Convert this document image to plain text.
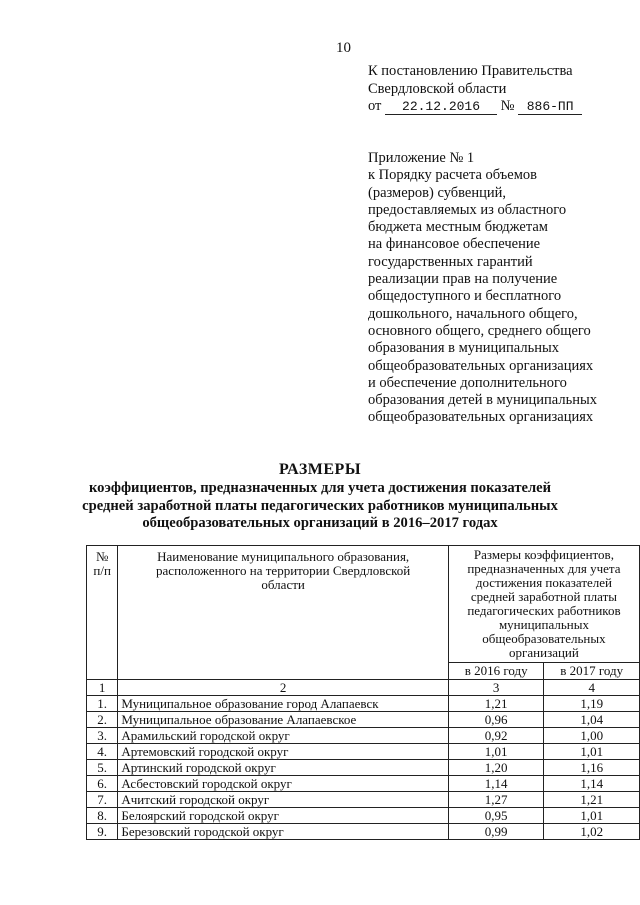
10
К постановлению Правительства
Свердловской области
от 22.12.2016 № 886-ПП
Приложение № 1
к Порядку расчета объемов
(размеров) субвенций,
предоставляемых из областного
бюджета местным бюджетам
на финансовое обеспечение
государственных гарантий
реализации прав на получение
общедоступного и бесплатного
дошкольного, начального общего,
основного общего, среднего общего
образования в муниципальных
общеобразовательных организациях
и обеспечение дополнительного
образования детей в муниципальных
общеобразовательных организациях
РАЗМЕРЫ
коэффициентов, предназначенных для учета достижения показателей
средней заработной платы педагогических работников муниципальных
общеобразовательных организаций в 2016–2017 годах
№ п/п	Наименование муниципального образования, расположенного на территории Свердловской области	Размеры коэффициентов, предназначенных для учета достижения показателей средней заработной платы педагогических работников муниципальных общеобразовательных организаций	
		в 2016 году	в 2017 году
1	2	3	4
1.	Муниципальное образование город Алапаевск	1,21	1,19
2.	Муниципальное образование Алапаевское	0,96	1,04
3.	Арамильский городской округ	0,92	1,00
4.	Артемовский городской округ	1,01	1,01
5.	Артинский городской округ	1,20	1,16
6.	Асбестовский городской округ	1,14	1,14
7.	Ачитский городской округ	1,27	1,21
8.	Белоярский городской округ	0,95	1,01
9.	Березовский городской округ	0,99	1,02
